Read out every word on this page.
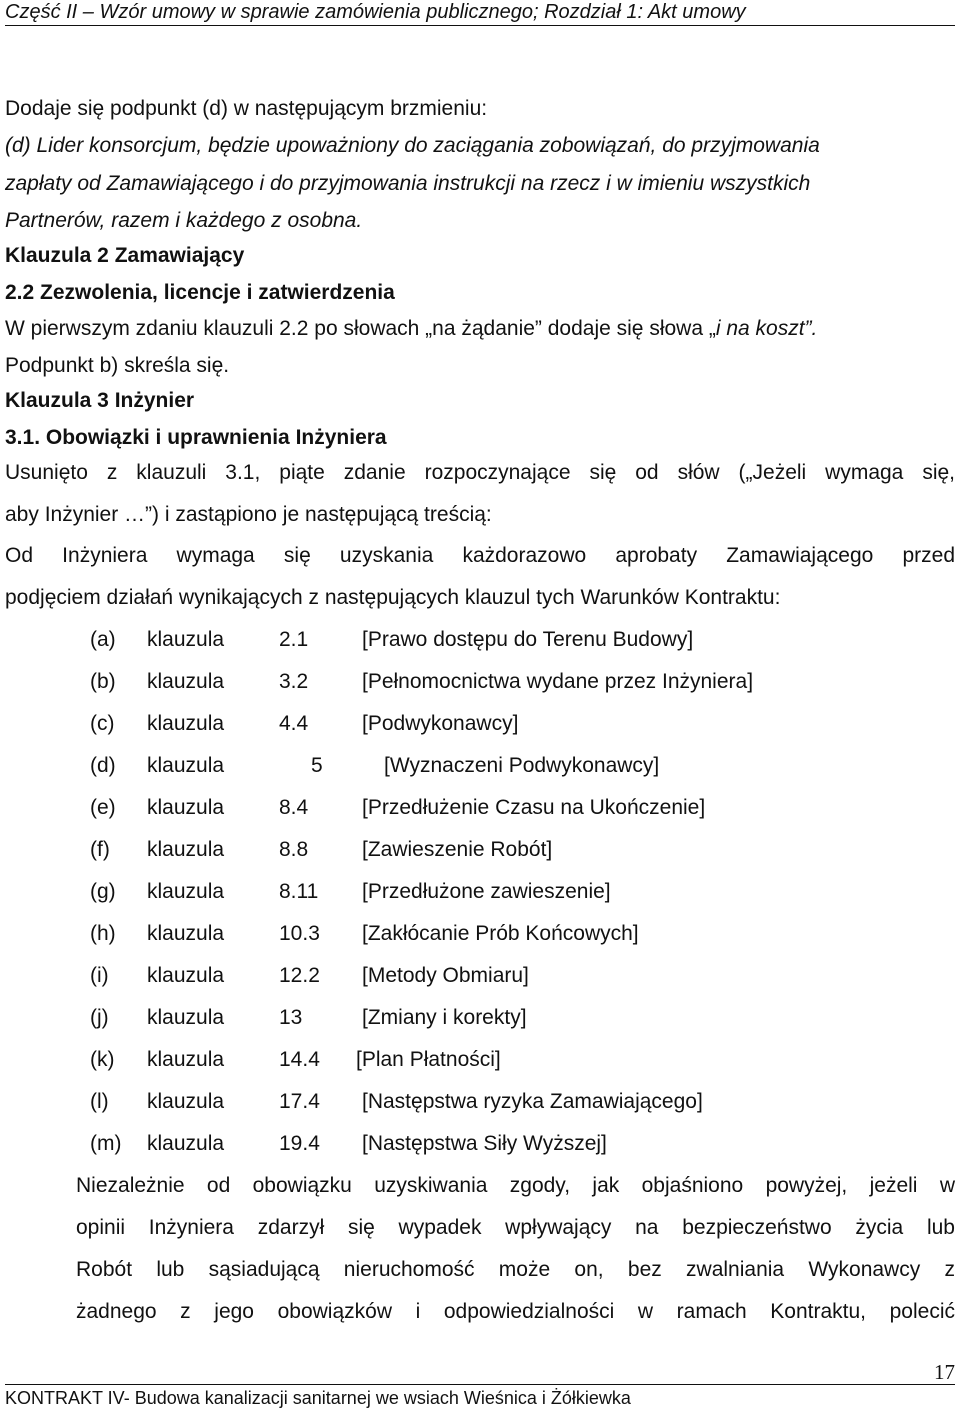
Część II – Wzór umowy w sprawie zamówienia publicznego; Rozdział 1: Akt umowy
Dodaje się podpunkt (d) w następującym brzmieniu:
(d) Lider konsorcjum, będzie upoważniony do zaciągania zobowiązań, do przyjmowania
zapłaty od Zamawiającego i do przyjmowania instrukcji na rzecz i w imieniu wszystkich
Partnerów, razem i każdego z osobna.
Klauzula 2 Zamawiający
2.2 Zezwolenia, licencje i zatwierdzenia
W pierwszym zdaniu klauzuli 2.2 po słowach „na żądanie” dodaje się słowa „i na koszt”.
Podpunkt b) skreśla się.
Klauzula 3 Inżynier
3.1. Obowiązki i uprawnienia Inżyniera
Usunięto z klauzuli 3.1, piąte zdanie rozpoczynające się od słów („Jeżeli wymaga się,
aby Inżynier …”) i zastąpiono je następującą treścią:
Od Inżyniera wymaga się uzyskania każdorazowo aprobaty Zamawiającego przed
podjęciem działań wynikających z następujących klauzul tych Warunków Kontraktu:
(a) klauzula	2.1	[Prawo dostępu do Terenu Budowy]
(b) klauzula	3.2	[Pełnomocnictwa wydane przez Inżyniera]
(c) klauzula	4.4	[Podwykonawcy]
(d) klauzula	5	[Wyznaczeni Podwykonawcy]
(e) klauzula	8.4	[Przedłużenie Czasu na Ukończenie]
(f) klauzula	8.8	[Zawieszenie Robót]
(g) klauzula	8.11 [Przedłużone zawieszenie]
(h) klauzula	10.3 [Zakłócanie Prób Końcowych]
(i) klauzula	12.2 [Metody Obmiaru]
(j) klauzula	13	[Zmiany i korekty]
(k) klauzula	14.4 [Plan Płatności]
(l) klauzula	17.4 [Następstwa ryzyka Zamawiającego]
(m) klauzula	19.4 [Następstwa Siły Wyższej]
Niezależnie od obowiązku uzyskiwania zgody, jak objaśniono powyżej, jeżeli w
opinii Inżyniera zdarzył się wypadek wpływający na bezpieczeństwo życia lub
Robót lub sąsiadującą nieruchomość może on, bez zwalniania Wykonawcy z
żadnego z jego obowiązków i odpowiedzialności w ramach Kontraktu, polecić
17
KONTRAKT IV- Budowa kanalizacji sanitarnej we wsiach Wieśnica i Żółkiewka
